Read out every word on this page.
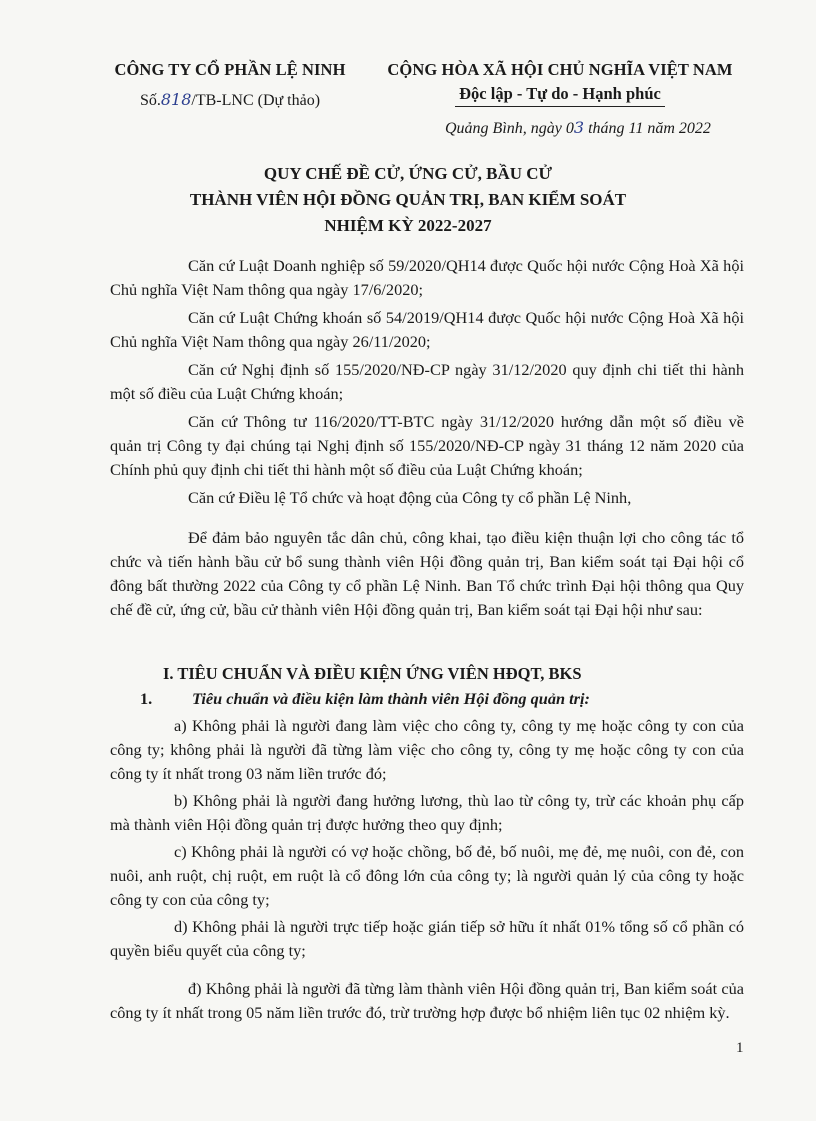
CÔNG TY CỔ PHẦN LỆ NINH
Số.818/TB-LNC (Dự thảo)
CỘNG HÒA XÃ HỘI CHỦ NGHĨA VIỆT NAM
Độc lập - Tự do - Hạnh phúc
Quảng Bình, ngày 03 tháng 11 năm 2022
QUY CHẾ ĐỀ CỬ, ỨNG CỬ, BẦU CỬ
THÀNH VIÊN HỘI ĐỒNG QUẢN TRỊ, BAN KIỂM SOÁT
NHIỆM KỲ 2022-2027

Căn cứ Luật Doanh nghiệp số 59/2020/QH14 được Quốc hội nước Cộng Hoà Xã hội Chủ nghĩa Việt Nam thông qua ngày 17/6/2020;

Căn cứ Luật Chứng khoán số 54/2019/QH14 được Quốc hội nước Cộng Hoà Xã hội Chủ nghĩa Việt Nam thông qua ngày 26/11/2020;

Căn cứ Nghị định số 155/2020/NĐ-CP ngày 31/12/2020 quy định chi tiết thi hành một số điều của Luật Chứng khoán;

Căn cứ Thông tư 116/2020/TT-BTC ngày 31/12/2020 hướng dẫn một số điều về quản trị Công ty đại chúng tại Nghị định số 155/2020/NĐ-CP ngày 31 tháng 12 năm 2020 của Chính phủ quy định chi tiết thi hành một số điều của Luật Chứng khoán;

Căn cứ Điều lệ Tổ chức và hoạt động của Công ty cổ phần Lệ Ninh,

Để đảm bảo nguyên tắc dân chủ, công khai, tạo điều kiện thuận lợi cho công tác tổ chức và tiến hành bầu cử bổ sung thành viên Hội đồng quản trị, Ban kiểm soát tại Đại hội cổ đông bất thường 2022 của Công ty cổ phần Lệ Ninh. Ban Tổ chức trình Đại hội thông qua Quy chế đề cử, ứng cử, bầu cử thành viên Hội đồng quản trị, Ban kiểm soát tại Đại hội như sau:

I. TIÊU CHUẨN VÀ ĐIỀU KIỆN ỨNG VIÊN HĐQT, BKS
1. Tiêu chuẩn và điều kiện làm thành viên Hội đồng quản trị:

a) Không phải là người đang làm việc cho công ty, công ty mẹ hoặc công ty con của công ty; không phải là người đã từng làm việc cho công ty, công ty mẹ hoặc công ty con của công ty ít nhất trong 03 năm liền trước đó;

b) Không phải là người đang hưởng lương, thù lao từ công ty, trừ các khoản phụ cấp mà thành viên Hội đồng quản trị được hưởng theo quy định;

c) Không phải là người có vợ hoặc chồng, bố đẻ, bố nuôi, mẹ đẻ, mẹ nuôi, con đẻ, con nuôi, anh ruột, chị ruột, em ruột là cổ đông lớn của công ty; là người quản lý của công ty hoặc công ty con của công ty;

d) Không phải là người trực tiếp hoặc gián tiếp sở hữu ít nhất 01% tổng số cổ phần có quyền biểu quyết của công ty;

đ) Không phải là người đã từng làm thành viên Hội đồng quản trị, Ban kiểm soát của công ty ít nhất trong 05 năm liền trước đó, trừ trường hợp được bổ nhiệm liên tục 02 nhiệm kỳ.

1
